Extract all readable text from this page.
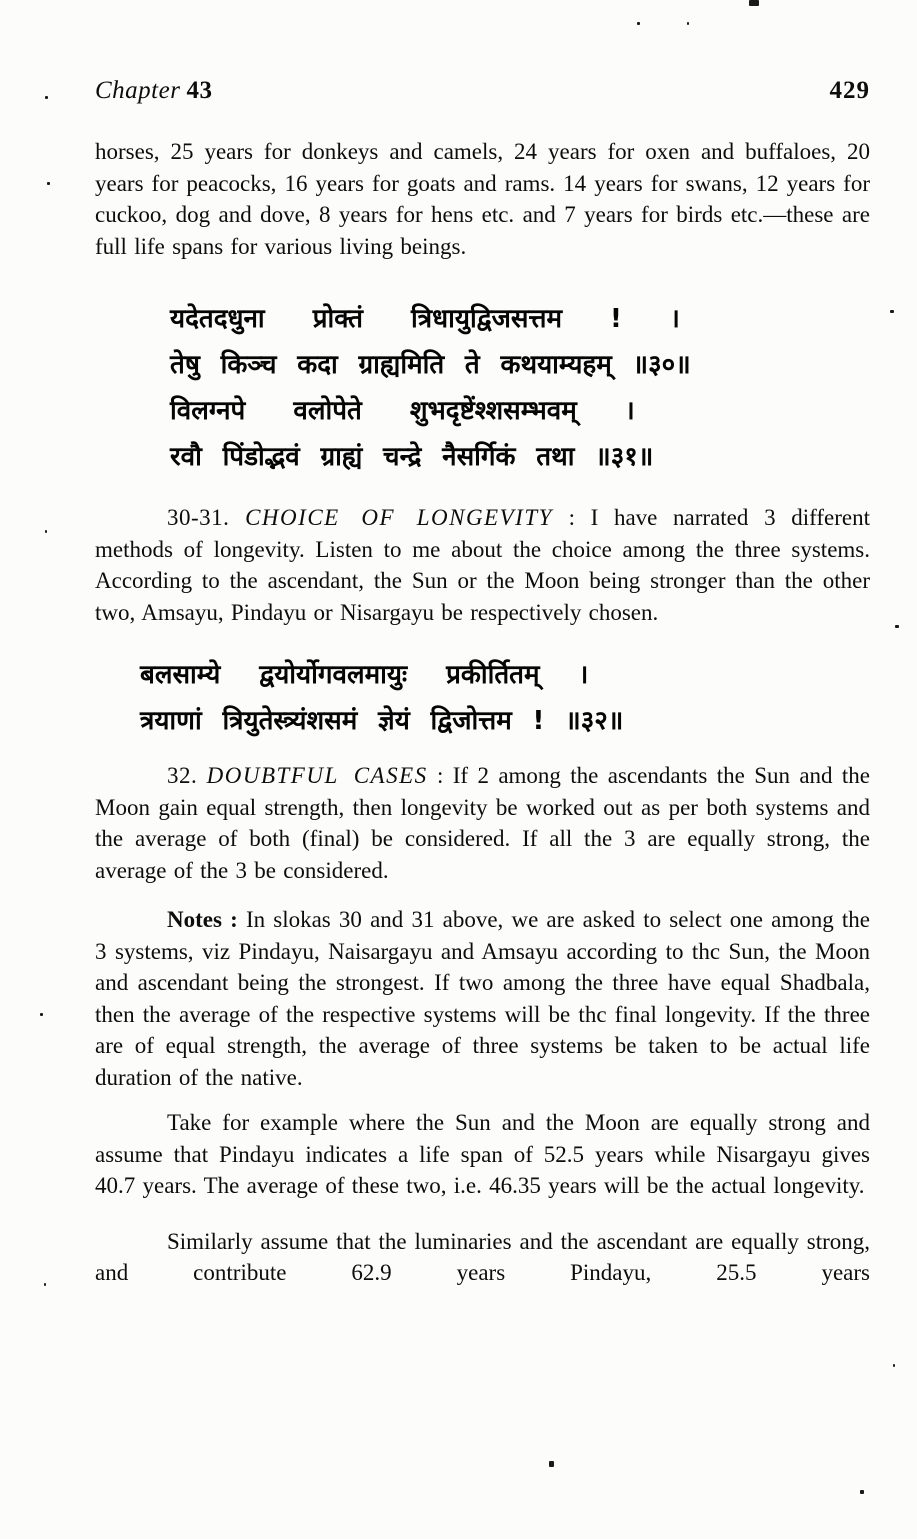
Chapter 43	429

horses, 25 years for donkeys and camels, 24 years for oxen and buffaloes, 20 years for peacocks, 16 years for goats and rams. 14 years for swans, 12 years for cuckoo, dog and dove, 8 years for hens etc. and 7 years for birds etc.—these are full life spans for various living beings.

यदेतदधुना प्रोक्तं त्रिधायुद्विजसत्तम ! ।
तेषु किञ्च कदा ग्राह्यमिति ते कथयाम्यहम् ॥३०॥
विलग्नपे वलोपेते शुभदृष्टेंश्शसम्भवम् ।
रवौ पिंडोद्भवं ग्राह्यं चन्द्रे नैसर्गिकं तथा ॥३१॥

30-31. CHOICE OF LONGEVITY : I have narrated 3 different methods of longevity. Listen to me about the choice among the three systems. According to the ascendant, the Sun or the Moon being stronger than the other two, Amsayu, Pindayu or Nisargayu be respectively chosen.

बलसाम्ये द्वयोर्योगवलमायुः प्रकीर्तितम् ।
त्रयाणां त्रियुतेस्त्र्यंशसमं ज्ञेयं द्विजोत्तम ! ॥३२॥

32. DOUBTFUL CASES : If 2 among the ascendants the Sun and the Moon gain equal strength, then longevity be worked out as per both systems and the average of both (final) be considered. If all the 3 are equally strong, the average of the 3 be considered.

Notes : In slokas 30 and 31 above, we are asked to select one among the 3 systems, viz Pindayu, Naisargayu and Amsayu according to thc Sun, the Moon and ascendant being the strongest. If two among the three have equal Shadbala, then the average of the respective systems will be thc final longevity. If the three are of equal strength, the average of three systems be taken to be actual life duration of the native.

Take for example where the Sun and the Moon are equally strong and assume that Pindayu indicates a life span of 52.5 years while Nisargayu gives 40.7 years. The average of these two, i.e. 46.35 years will be the actual longevity.

Similarly assume that the luminaries and the ascendant are equally strong, and contribute 62.9 years Pindayu, 25.5 years
